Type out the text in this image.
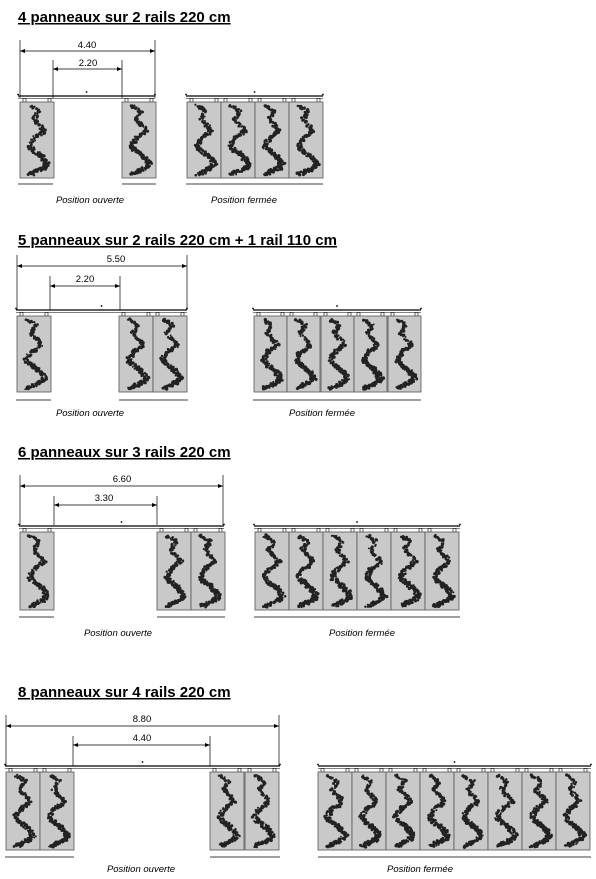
4 panneaux sur 2 rails 220 cm
4.40
2.20
Position ouverte	Position fermée
5 panneaux sur 2 rails 220 cm + 1 rail 110 cm
5.50
2.20
Position ouverte	Position fermée
6 panneaux sur 3 rails 220 cm
6.60
3.30
Position ouverte	Position fermée
8 panneaux sur 4 rails 220 cm
8.80
4.40
Position ouverte	Position fermée
